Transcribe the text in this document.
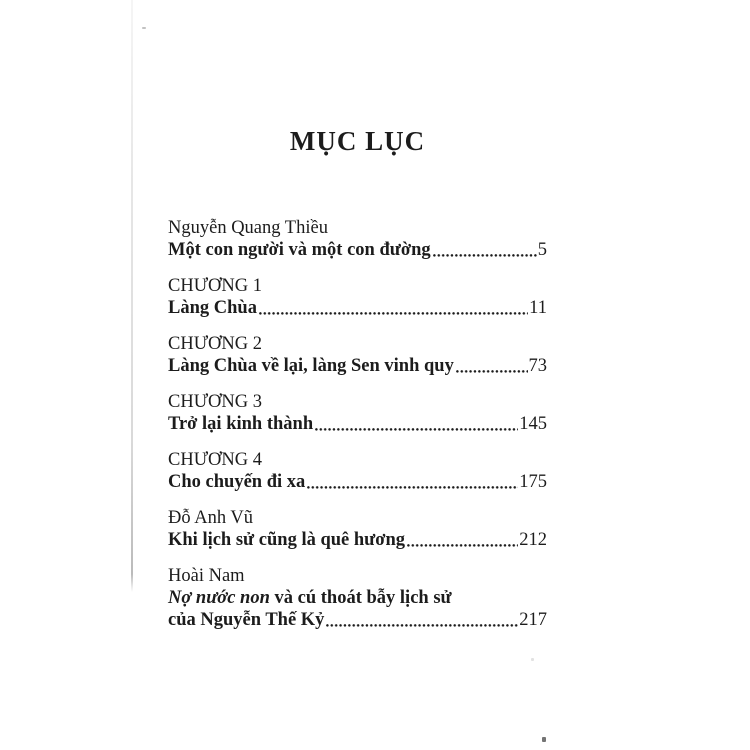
MỤC LỤC
Nguyễn Quang Thiều
Một con người và một con đường	5
CHƯƠNG 1
Làng Chùa	11
CHƯƠNG 2
Làng Chùa về lại, làng Sen vinh quy	73
CHƯƠNG 3
Trở lại kinh thành	145
CHƯƠNG 4
Cho chuyến đi xa	175
Đỗ Anh Vũ
Khi lịch sử cũng là quê hương	212
Hoài Nam
Nợ nước non và cú thoát bẫy lịch sử
của Nguyễn Thế Kỷ	217
